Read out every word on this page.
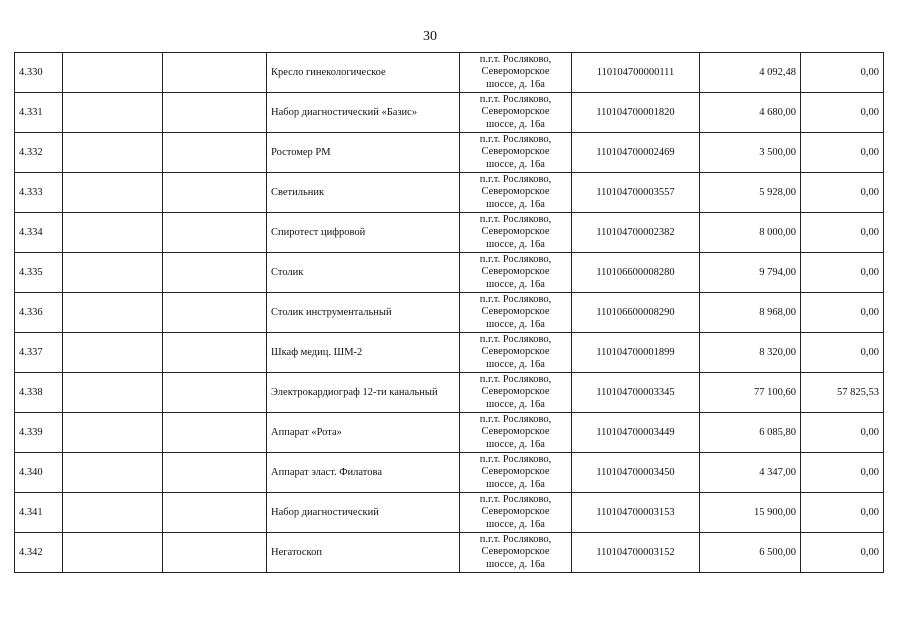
30
4.330			Кресло гинекологическое	п.г.т. Росляково,
Североморское
шоссе, д. 16а	110104700000111	4 092,48	0,00
4.331			Набор диагностический «Базис»	п.г.т. Росляково,
Североморское
шоссе, д. 16а	110104700001820	4 680,00	0,00
4.332			Ростомер РМ	п.г.т. Росляково,
Североморское
шоссе, д. 16а	110104700002469	3 500,00	0,00
4.333			Светильник	п.г.т. Росляково,
Североморское
шоссе, д. 16а	110104700003557	5 928,00	0,00
4.334			Спиротест цифровой	п.г.т. Росляково,
Североморское
шоссе, д. 16а	110104700002382	8 000,00	0,00
4.335			Столик	п.г.т. Росляково,
Североморское
шоссе, д. 16а	110106600008280	9 794,00	0,00
4.336			Столик инструментальный	п.г.т. Росляково,
Североморское
шоссе, д. 16а	110106600008290	8 968,00	0,00
4.337			Шкаф медиц. ШМ-2	п.г.т. Росляково,
Североморское
шоссе, д. 16а	110104700001899	8 320,00	0,00
4.338			Электрокардиограф 12-ти канальный	п.г.т. Росляково,
Североморское
шоссе, д. 16а	110104700003345	77 100,60	57 825,53
4.339			Аппарат «Рота»	п.г.т. Росляково,
Североморское
шоссе, д. 16а	110104700003449	6 085,80	0,00
4.340			Аппарат эласт. Филатова	п.г.т. Росляково,
Североморское
шоссе, д. 16а	110104700003450	4 347,00	0,00
4.341			Набор диагностический	п.г.т. Росляково,
Североморское
шоссе, д. 16а	110104700003153	15 900,00	0,00
4.342			Негатоскоп	п.г.т. Росляково,
Североморское
шоссе, д. 16а	110104700003152	6 500,00	0,00
